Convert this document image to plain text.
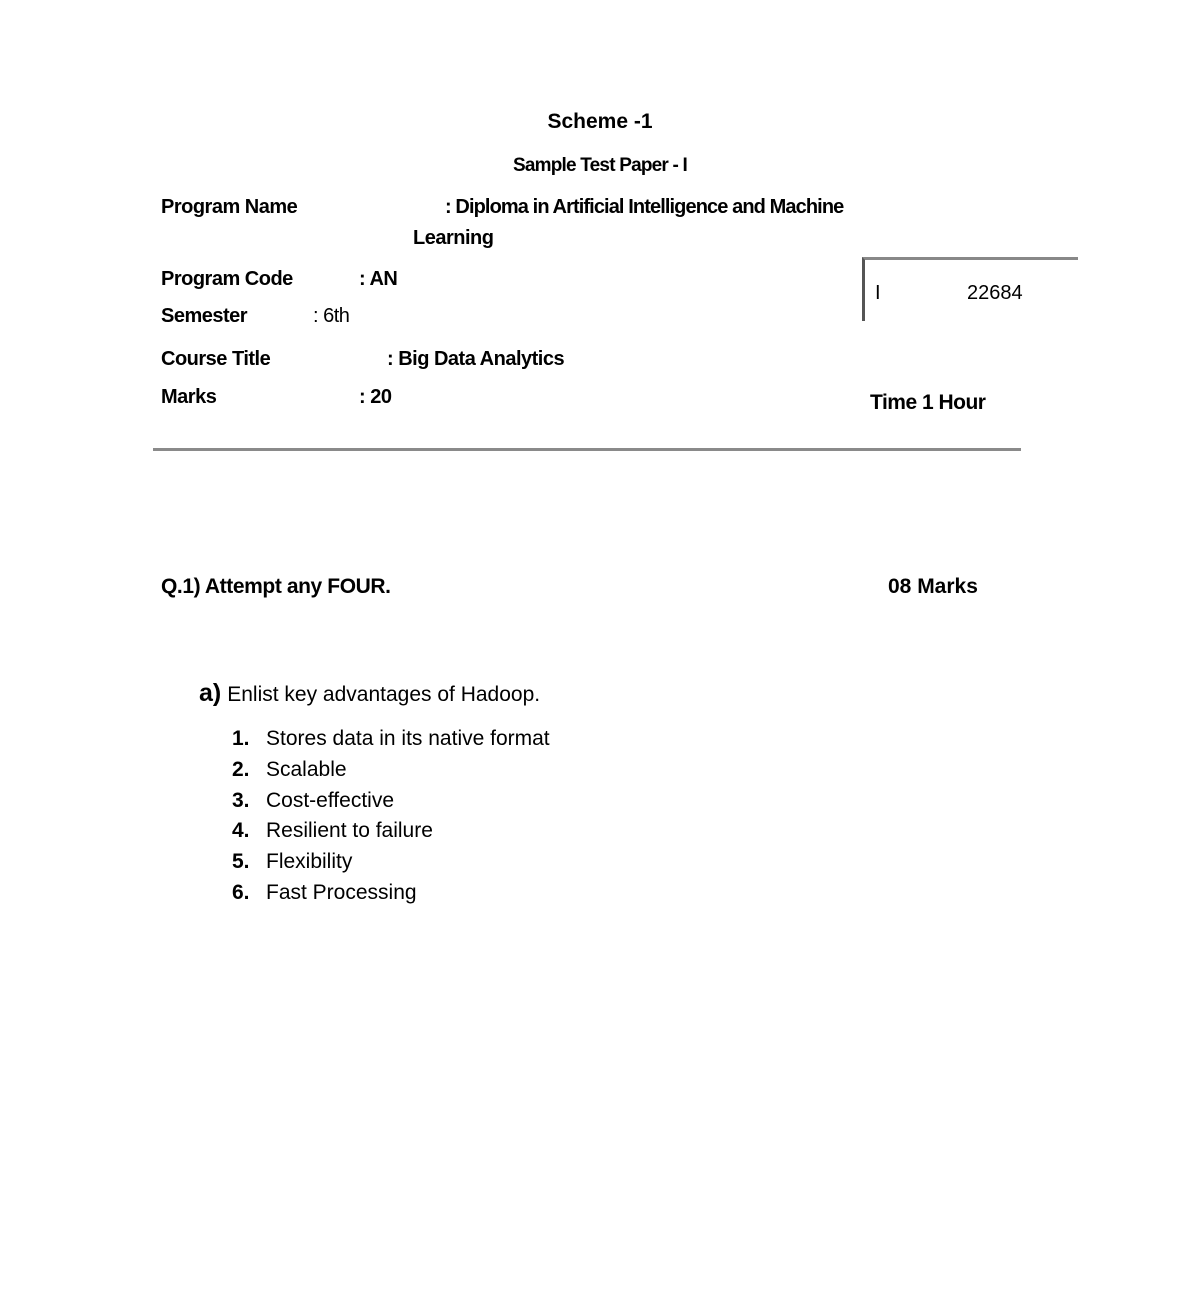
Scheme -1
Sample Test Paper - I
Program Name	: Diploma in Artificial Intelligence and Machine
Learning
Program Code	: AN
Semester	: 6th
I	22684
Course Title	: Big Data Analytics
Marks	: 20	Time 1 Hour
Q.1) Attempt any FOUR.	08 Marks
a) Enlist key advantages of Hadoop.
1. Stores data in its native format
2. Scalable
3. Cost-effective
4. Resilient to failure
5. Flexibility
6. Fast Processing
